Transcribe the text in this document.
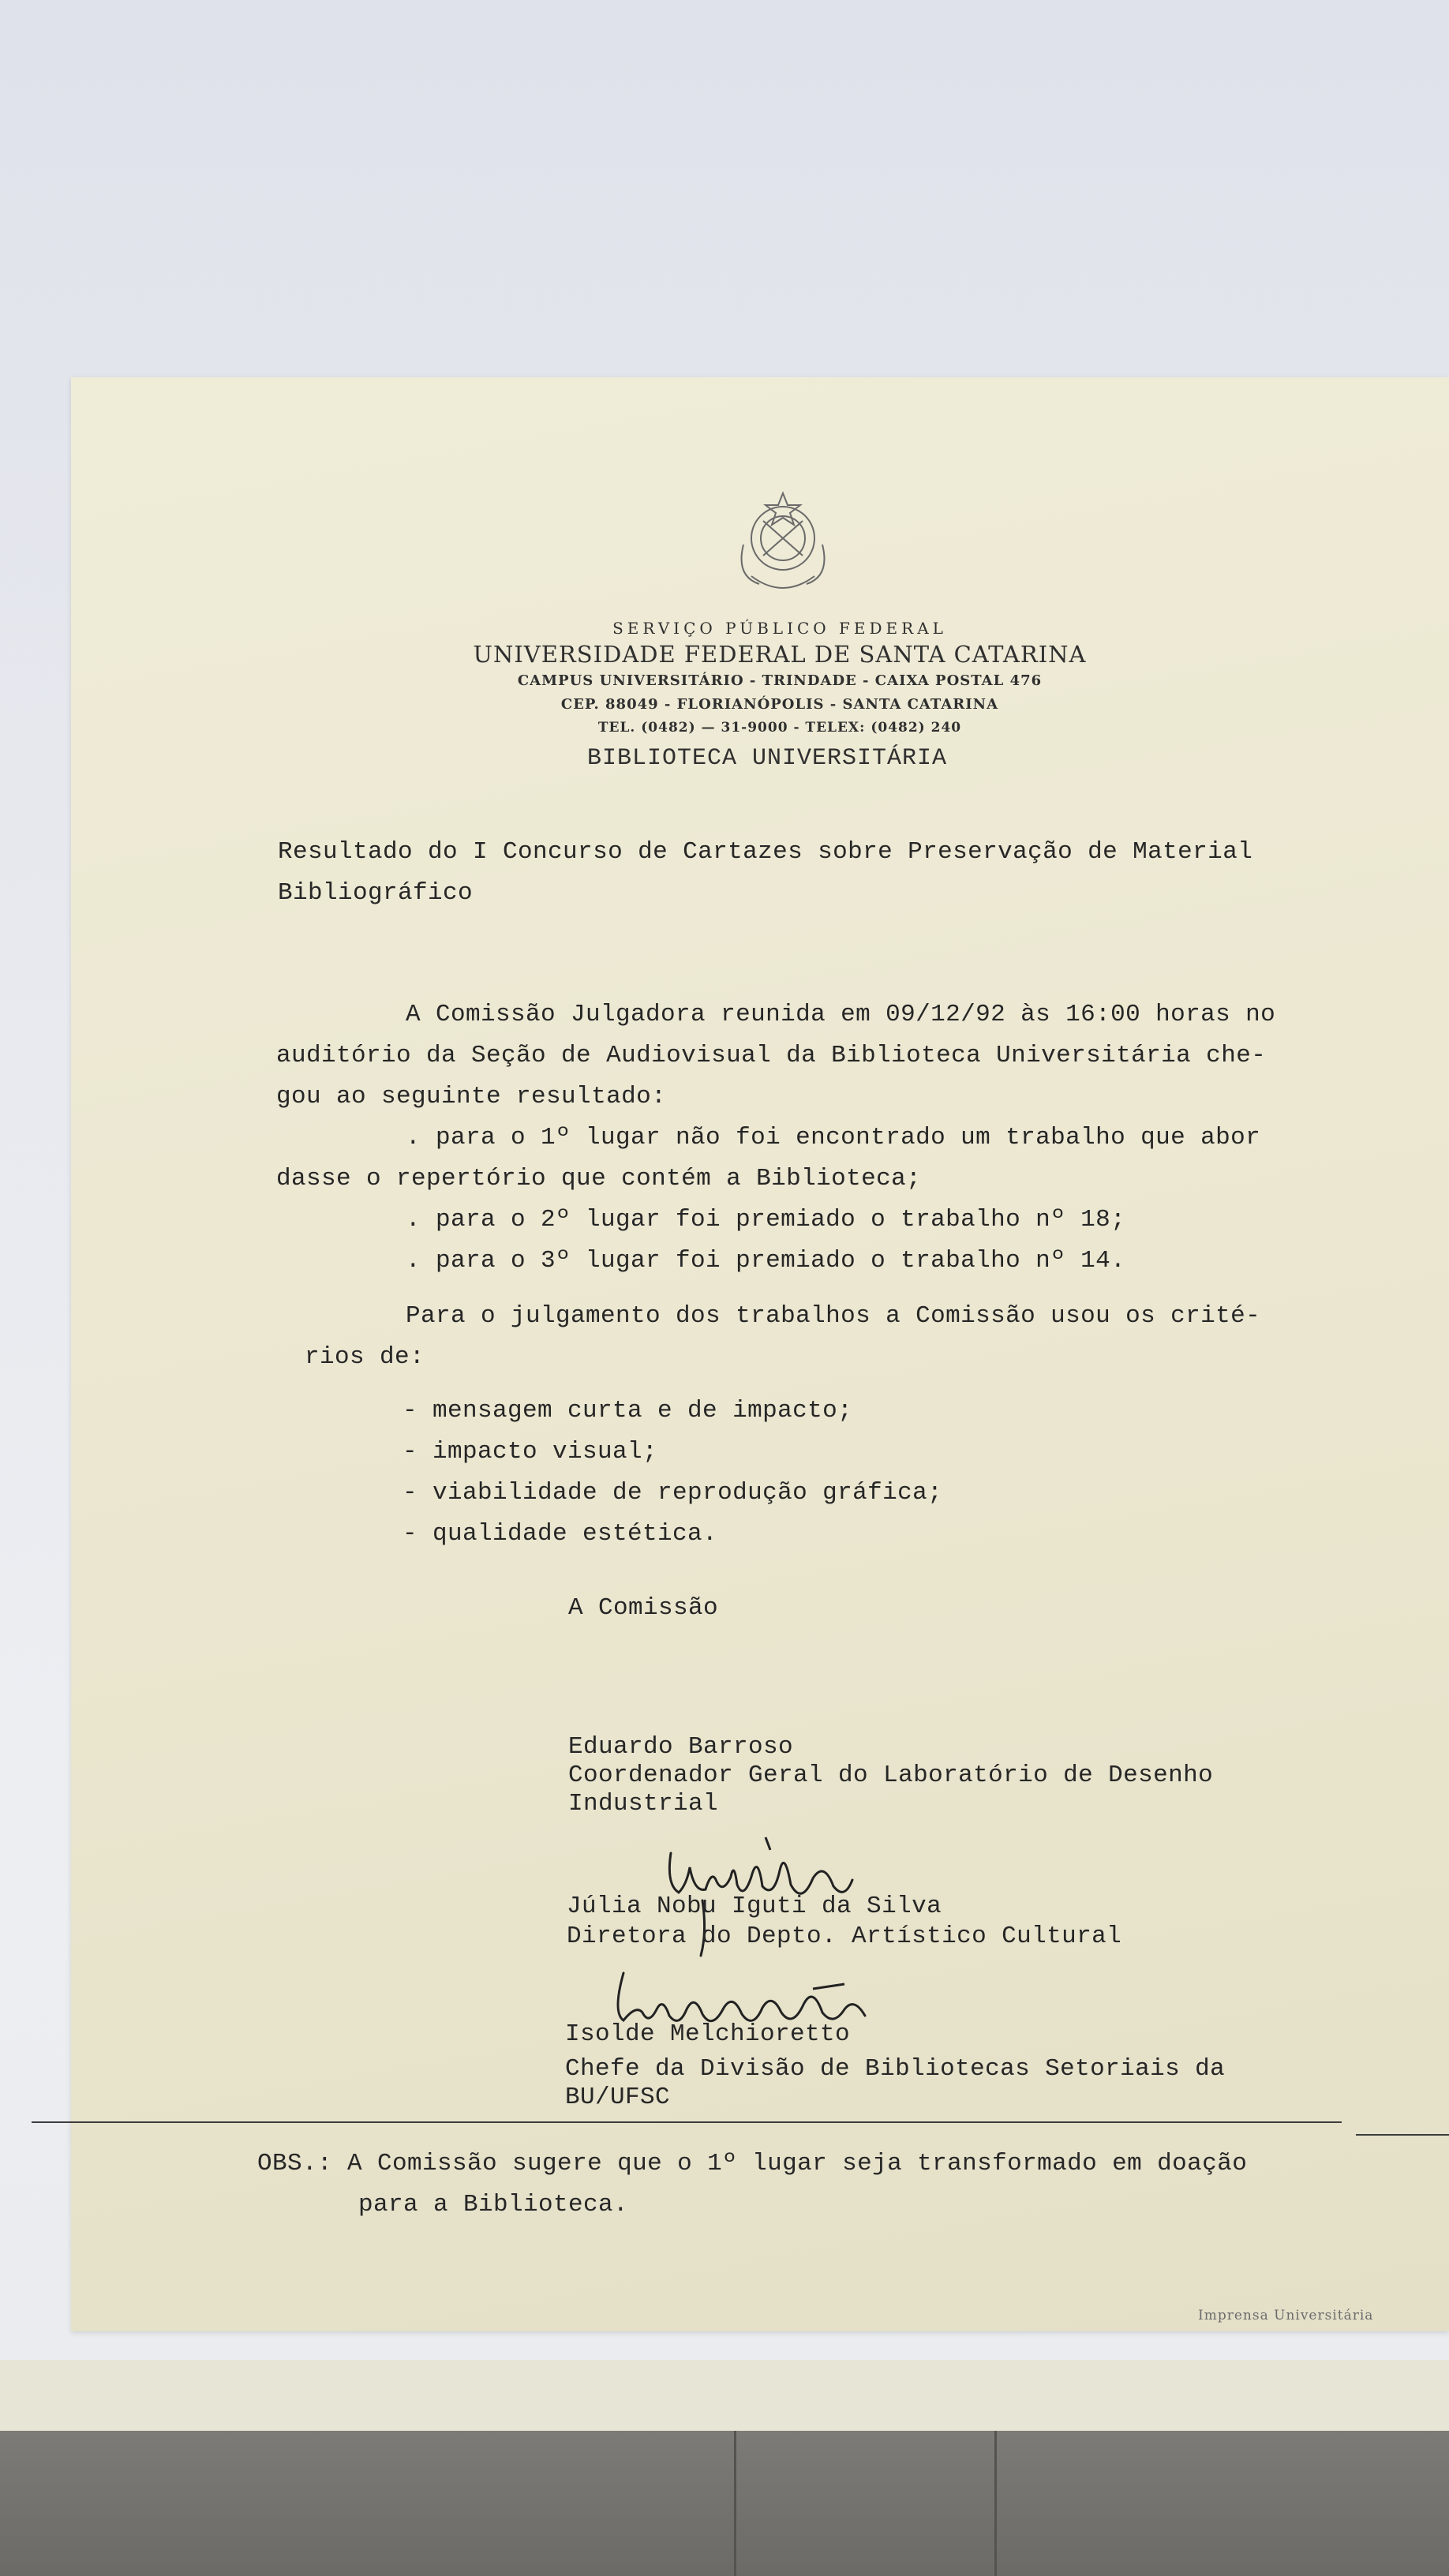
SERVIÇO PÚBLICO FEDERAL
UNIVERSIDADE FEDERAL DE SANTA CATARINA
CAMPUS UNIVERSITÁRIO - TRINDADE - CAIXA POSTAL 476
CEP. 88049 - FLORIANÓPOLIS - SANTA CATARINA
TEL. (0482) — 31-9000 - TELEX: (0482) 240
BIBLIOTECA UNIVERSITÁRIA
Resultado do I Concurso de Cartazes sobre Preservação de Material
Bibliográfico
A Comissão Julgadora reunida em 09/12/92 às 16:00 horas no
auditório da Seção de Audiovisual da Biblioteca Universitária che-
gou ao seguinte resultado:
. para o 1º lugar não foi encontrado um trabalho que abor
dasse o repertório que contém a Biblioteca;
. para o 2º lugar foi premiado o trabalho nº 18;
. para o 3º lugar foi premiado o trabalho nº 14.
Para o julgamento dos trabalhos a Comissão usou os crité-
rios de:
- mensagem curta e de impacto;
- impacto visual;
- viabilidade de reprodução gráfica;
- qualidade estética.
A Comissão
Eduardo Barroso
Coordenador Geral do Laboratório de Desenho
Industrial
Júlia Nobu Iguti da Silva
Diretora do Depto. Artístico Cultural
Isolde Melchioretto
Chefe da Divisão de Bibliotecas Setoriais da
BU/UFSC
OBS.: A Comissão sugere que o 1º lugar seja transformado em doação
para a Biblioteca.
Imprensa Universitária
